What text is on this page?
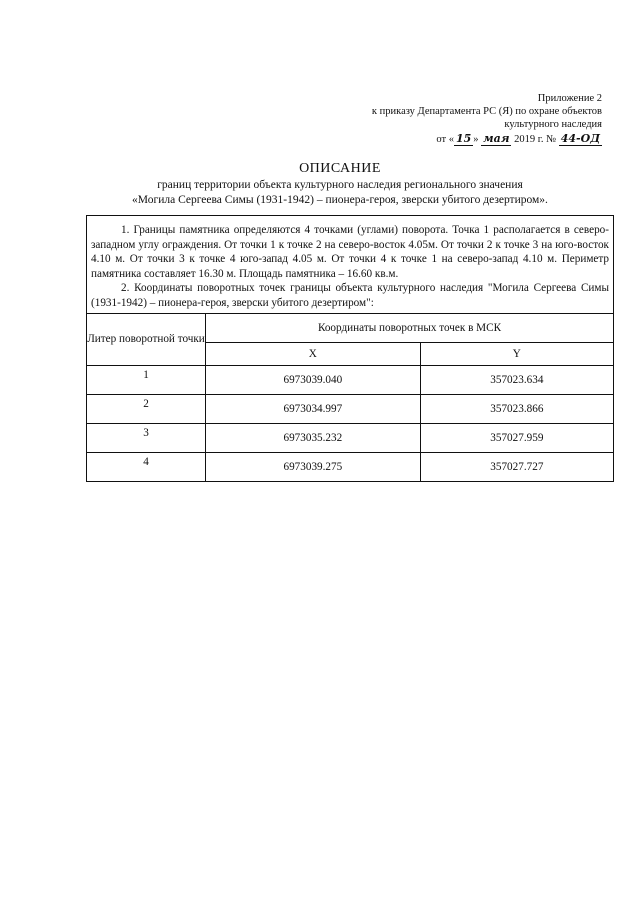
Приложение 2
к приказу Департамента РС (Я) по охране объектов
культурного наследия
от « 15 » мая 2019 г. № 44-ОД
ОПИСАНИЕ
границ территории объекта культурного наследия регионального значения
«Могила Сергеева Симы (1931-1942) – пионера-героя, зверски убитого дезертиром».

1. Границы памятника определяются 4 точками (углами) поворота. Точка 1 располагается в северо-западном углу ограждения. От точки 1 к точке 2 на северо-восток 4.05м. От точки 2 к точке 3 на юго-восток 4.10 м. От точки 3 к точке 4 юго-запад 4.05 м. От точки 4 к точке 1 на северо-запад 4.10 м. Периметр памятника составляет 16.30 м. Площадь памятника – 16.60 кв.м.

2. Координаты поворотных точек границы объекта культурного наследия "Могила Сергеева Симы (1931-1942) – пионера-героя, зверски убитого дезертиром":

Литер поворотной точки	Координаты поворотных точек в МСК	
	X	Y
1	6973039.040	357023.634
2	6973034.997	357023.866
3	6973035.232	357027.959
4	6973039.275	357027.727
